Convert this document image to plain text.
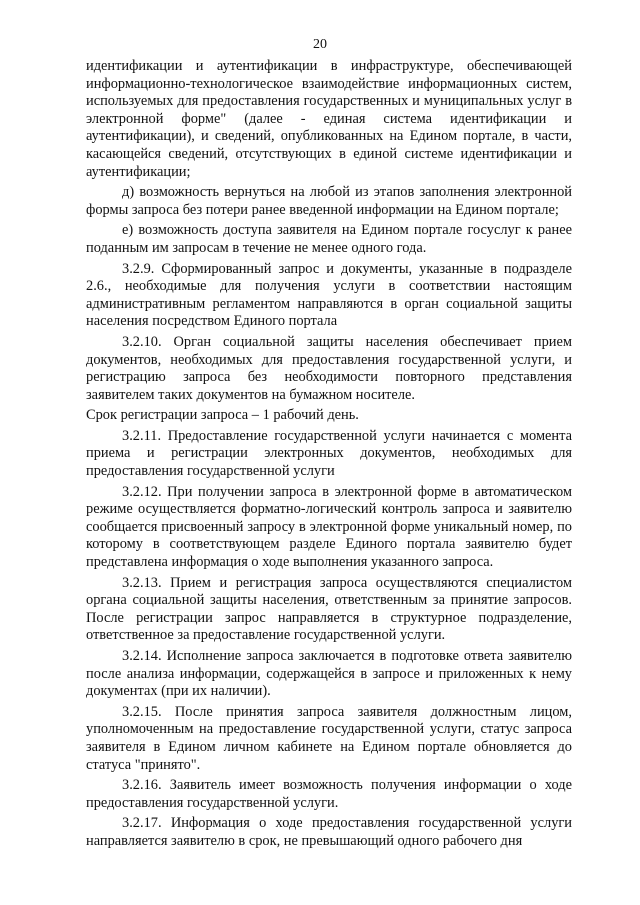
20

идентификации и аутентификации в инфраструктуре, обеспечивающей информационно-технологическое взаимодействие информационных систем, используемых для предоставления государственных и муниципальных услуг в электронной форме" (далее - единая система идентификации и аутентификации), и сведений, опубликованных на Едином портале, в части, касающейся сведений, отсутствующих в единой системе идентификации и аутентификации;

д) возможность вернуться на любой из этапов заполнения электронной формы запроса без потери ранее введенной информации на Едином портале;

е) возможность доступа заявителя на Едином портале госуслуг к ранее поданным им запросам в течение не менее одного года.

3.2.9. Сформированный запрос и документы, указанные в подразделе 2.6., необходимые для получения услуги в соответствии настоящим административным регламентом направляются в орган социальной защиты населения посредством Единого портала

3.2.10. Орган социальной защиты населения обеспечивает прием документов, необходимых для предоставления государственной услуги, и регистрацию запроса без необходимости повторного представления заявителем таких документов на бумажном носителе.

Срок регистрации запроса – 1 рабочий день.

3.2.11. Предоставление государственной услуги начинается с момента приема и регистрации электронных документов, необходимых для предоставления государственной услуги

3.2.12. При получении запроса в электронной форме в автоматическом режиме осуществляется форматно-логический контроль запроса и заявителю сообщается присвоенный запросу в электронной форме уникальный номер, по которому в соответствующем разделе Единого портала заявителю будет представлена информация о ходе выполнения указанного запроса.

3.2.13. Прием и регистрация запроса осуществляются специалистом органа социальной защиты населения, ответственным за принятие запросов. После регистрации запрос направляется в структурное подразделение, ответственное за предоставление государственной услуги.

3.2.14. Исполнение запроса заключается в подготовке ответа заявителю после анализа информации, содержащейся в запросе и приложенных к нему документах (при их наличии).

3.2.15. После принятия запроса заявителя должностным лицом, уполномоченным на предоставление государственной услуги, статус запроса заявителя в Едином личном кабинете на Едином портале обновляется до статуса "принято".

3.2.16. Заявитель имеет возможность получения информации о ходе предоставления государственной услуги.

3.2.17. Информация о ходе предоставления государственной услуги направляется заявителю в срок, не превышающий одного рабочего дня
